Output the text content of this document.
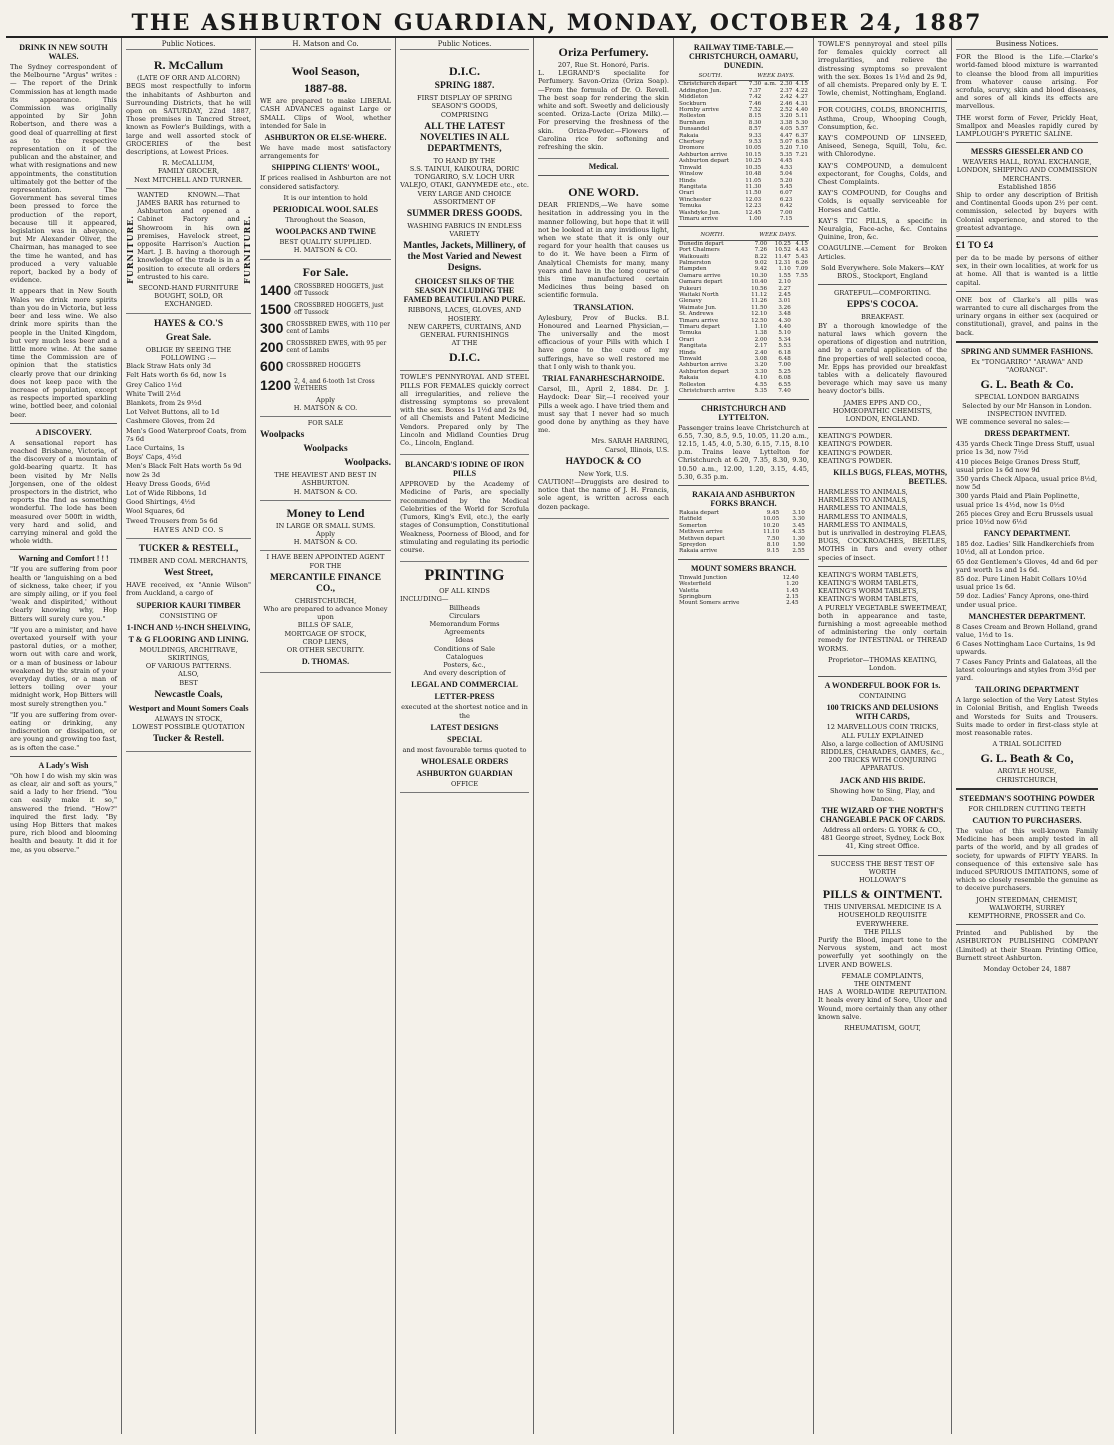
THE ASHBURTON GUARDIAN, MONDAY, OCTOBER 24, 1887
DRINK IN NEW SOUTH WALES.

The Sydney correspondent of the Melbourne "Argus" writes :— The report of the Drink Commission has at length made its appearance. This Commission was originally appointed by Sir John Robertson, and there was a good deal of quarrelling at first as to the respective representation on it of the publican and the abstainer, and what with resignations and new appointments, the constitution ultimately got the better of the representation. The Government has several times been pressed to force the production of the report, because till it appeared, legislation was in abeyance, but Mr Alexander Oliver, the Chairman, has managed to see the time he wanted, and has produced a very valuable report, backed by a body of evidence.

It appears that in New South Wales we drink more spirits than you do in Victoria, but less beer and less wine. We also drink more spirits than the people in the United Kingdom, but very much less beer and a little more wine. At the same time the Commission are of opinion that the statistics clearly prove that our drinking does not keep pace with the increase of population, except as respects imported sparkling wine, bottled beer, and colonial beer.

A DISCOVERY.

A sensational report has reached Brisbane, Victoria, of the discovery of a mountain of gold-bearing quartz. It has been visited by Mr Nells Jorgensen, one of the oldest prospectors in the district, who reports the find as something wonderful. The lode has been measured over 500ft in width, very hard and solid, and carrying mineral and gold the whole width.

Warning and Comfort ! ! !

"If you are suffering from poor health or 'languishing on a bed of sickness, take cheer, if you are simply ailing, or if you feel 'weak and dispirited,' without clearly knowing why, Hop Bitters will surely cure you."

"If you are a minister, and have overtaxed yourself with your pastoral duties, or a mother, worn out with care and work, or a man of business or labour weakened by the strain of your everyday duties, or a man of letters toiling over your midnight work, Hop Bitters will most surely strengthen you."

"If you are suffering from over-eating or drinking, any indiscretion or dissipation, or are young and growing too fast, as is often the case."

A Lady's Wish

"Oh how I do wish my skin was as clear, air and soft as yours," said a lady to her friend. "You can easily make it so," answered the friend. "How?" inquired the first lady. "By using Hop Bitters that makes pure, rich blood and blooming health and beauty. It did it for me, as you observe."

Public Notices.
R. McCallum
(LATE OF ORR AND ALCORN)

BEGS most respectfully to inform the inhabitants of Ashburton and Surrounding Districts, that he will open on SATURDAY, 22nd 1887, Those premises in Tancred Street, known as Fowler's Buildings, with a large and well assorted stock of GROCERIES of the best descriptions, at Lowest Prices.

R. McCALLUM,
FAMILY GROCER,
Next MITCHELL AND TURNER.
FURNITURE.

WANTED KNOWN.—That JAMES BARR has returned to Ashburton and opened a Cabinet Factory and Showroom in his own premises, Havelock street, opposite Harrison's Auction Mart. J. B. having a thorough knowledge of the trade is in a position to execute all orders entrusted to his care.

SECOND-HAND FURNITURE BOUGHT, SOLD, OR EXCHANGED.
FURNITURE.
HAYES & CO.'S
Great Sale.
OBLIGE BY SEEING THE FOLLOWING :—
Black Straw Hats only 3d
Felt Hats worth 6s 6d, now 1s
Grey Calico 1½d
White Twill 2½d
Blankets, from 2s 9½d
Lot Velvet Buttons, all to 1d
Cashmere Gloves, from 2d
Men's Good Waterproof Coats, from 7s 6d
Lace Curtains, 1s
Boys' Caps, 4½d
Men's Black Felt Hats worth 5s 9d now 2s 3d
Heavy Dress Goods, 6½d
Lot of Wide Ribbons, 1d
Good Shirtings, 4½d
Wool Squares, 6d
Tweed Trousers from 5s 6d
HAYES AND CO. S
TUCKER & RESTELL,
TIMBER AND COAL MERCHANTS,
West Street,

HAVE received, ex "Annie Wilson" from Auckland, a cargo of

SUPERIOR KAURI TIMBER
CONSISTING OF
1-INCH AND ½-INCH SHELVING,
T & G FLOORING AND LINING.
MOULDINGS, ARCHITRAVE, SKIRTINGS,
OF VARIOUS PATTERNS.
ALSO,
BEST
Newcastle Coals,
Westport and Mount Somers Coals
ALWAYS IN STOCK,
LOWEST POSSIBLE QUOTATION
Tucker & Restell.
H. Matson and Co.
Wool Season,
1887-88.

WE are prepared to make LIBERAL CASH ADVANCES against Large or SMALL Clips of Wool, whether intended for Sale in

ASHBURTON OR ELSE-WHERE.

We have made most satisfactory arrangements for

SHIPPING CLIENTS' WOOL,

If prices realised in Ashburton are not considered satisfactory.

It is our intention to hold
PERIODICAL WOOL SALES
Throughout the Season,
WOOLPACKS AND TWINE
BEST QUALITY SUPPLIED.
H. MATSON & CO.
For Sale.
1400 CROSSBRED HOGGETS, just off Tussock
1500 CROSSBRED HOGGETS, just off Tussock
300 CROSSBRED EWES, with 110 per cent of Lambs
200 CROSSBRED EWES, with 95 per cent of Lambs
600 CROSSBRED HOGGETS
1200 2, 4, and 6-tooth 1st Cross WETHERS
Apply
H. MATSON & CO.
FOR SALE
Woolpacks
Woolpacks
Woolpacks.
THE HEAVIEST AND BEST IN ASHBURTON.
H. MATSON & CO.
Money to Lend
IN LARGE OR SMALL SUMS.
Apply
H. MATSON & CO.
I HAVE BEEN APPOINTED AGENT FOR THE
MERCANTILE FINANCE CO.,
CHRISTCHURCH,
Who are prepared to advance Money upon
BILLS OF SALE,
MORTGAGE OF STOCK,
CROP LIENS,
OR OTHER SECURITY.
D. THOMAS.
Public Notices.
D.I.C.
SPRING 1887.
FIRST DISPLAY OF SPRING SEASON'S GOODS,
COMPRISING
ALL THE LATEST NOVELTIES IN ALL DEPARTMENTS,
TO HAND BY THE
S.S. TAINUI, KAIKOURA, DORIC TONGARIRO, S.V. LOCH URR VALEJO, OTAKI, GANYMEDE etc., etc.
VERY LARGE AND CHOICE ASSORTMENT OF
SUMMER DRESS GOODS.
WASHING FABRICS IN ENDLESS VARIETY
Mantles, Jackets, Millinery, of the Most Varied and Newest Designs.
CHOICEST SILKS OF THE SEASON INCLUDING THE FAMED BEAUTIFUL AND PURE.
RIBBONS, LACES, GLOVES, AND HOSIERY.
NEW CARPETS, CURTAINS, AND GENERAL FURNISHINGS
AT THE
D.I.C.

TOWLE'S PENNYROYAL AND STEEL PILLS FOR FEMALES quickly correct all irregularities, and relieve the distressing symptoms so prevalent with the sex. Boxes 1s 1½d and 2s 9d, of all Chemists and Patent Medicine Vendors. Prepared only by The Lincoln and Midland Counties Drug Co., Lincoln, England.

BLANCARD'S IODINE OF IRON PILLS

APPROVED by the Academy of Medicine of Paris, are specially recommended by the Medical Celebrities of the World for Scrofula (Tumors, King's Evil, etc.), the early stages of Consumption, Constitutional Weakness, Poorness of Blood, and for stimulating and regulating its periodic course.

PRINTING
OF ALL KINDS
INCLUDING—
Billheads
Circulars
Memorandum Forms
Agreements
Ideas
Conditions of Sale
Catalogues
Posters, &c.,
And every description of
LEGAL AND COMMERCIAL
LETTER-PRESS
executed at the shortest notice and in the
LATEST DESIGNS
SPECIAL
and most favourable terms quoted to
WHOLESALE ORDERS
ASHBURTON GUARDIAN
OFFICE
Oriza Perfumery.
207, Rue St. Honoré, Paris.

L. LEGRAND'S specialite for Perfumery. Savon-Oriza (Oriza Soap).—From the formula of Dr. O. Revell. The best soap for rendering the skin white and soft. Sweetly and deliciously scented. Oriza-Lacte (Oriza Milk).—For preserving the freshness of the skin. Oriza-Powder.—Flowers of Carolina rice for softening and refreshing the skin.

Medical.
ONE WORD.

DEAR FRIENDS,—We have some hesitation in addressing you in the manner following, but hope that it will not be looked at in any invidious light, when we state that it is only our regard for your health that causes us to do it. We have been a Firm of Analytical Chemists for many, many years and have in the long course of this time manufactured certain Medicines thus being based on scientific formula.

TRANSLATION.

Aylesbury, Prov of Bucks. B.I. Honoured and Learned Physician,—The universally and the most efficacious of your Pills with which I have gone to the cure of my sufferings, have so well restored me that I only wish to thank you.

TRIAL FANARHESCHARNOIDE.

Carsol, Ill., April 2, 1884. Dr. J. Haydock: Dear Sir,—I received your Pills a week ago. I have tried them and must say that I never had so much good done by anything as they have me.

Mrs. SARAH HARRING,
Carsol, Illinois, U.S.
HAYDOCK & CO
New York, U.S.

CAUTION!—Druggists are desired to notice that the name of J. H. Francis, sole agent, is written across each dozen package.

RAILWAY TIME-TABLE.—CHRISTCHURCH, OAMARU, DUNEDIN.
SOUTH.	WEEK DAYS.			
Christchurch depart	7.30	a.m.	2.30	4.15
Addington Jun.	7.37		2.37	4.22
Middleton	7.42		2.42	4.27
Sockburn	7.46		2.46	4.31
Hornby arrive	7.52		2.52	4.40
Rolleston	8.15		3.20	5.11
Burnham	8.30		3.38	5.30
Dunsandel	8.57		4.05	5.57
Rakaia	9.33		4.47	6.37
Chertsey	9.53		5.07	6.58
Dromore	10.05		5.20	7.10
Ashburton arrive	10.15		5.35	7.21
Ashburton depart	10.25		4.45	
Tinwald	10.35		4.53	
Winslow	10.48		5.04	
Hinds	11.05		5.20	
Rangitata	11.30		5.45	
Orari	11.50		6.07	
Winchester	12.03		6.23	
Temuka	12.23		6.42	
Washdyke Jun.	12.45		7.00	
Timaru arrive	1.00		7.15	
NORTH.	WEEK DAYS.			
Dunedin depart	7.00		10.25	4.15
Port Chalmers	7.26		10.52	4.43
Waikouaiti	8.22		11.47	5.43
Palmerston	9.02		12.31	6.26
Hampden	9.42		1.10	7.09
Oamaru arrive	10.30		1.55	7.55
Oamaru depart	10.40		2.10	
Pukeuri	10.56		2.27	
Waitaki North	11.12		2.45	
Glenavy	11.26		3.01	
Waimate Jun.	11.50		3.26	
St. Andrews	12.10		3.48	
Timaru arrive	12.50		4.30	
Timaru depart	1.10		4.40	
Temuka	1.38		5.10	
Orari	2.00		5.34	
Rangitata	2.17		5.53	
Hinds	2.40		6.18	
Tinwald	3.08		6.48	
Ashburton arrive	3.20		7.00	
Ashburton depart	3.30		5.25	
Rakaia	4.10		6.08	
Rolleston	4.55		6.55	
Christchurch arrive	5.35		7.40	
CHRISTCHURCH AND LYTTELTON.

Passenger trains leave Christchurch at 6.55, 7.30, 8.5, 9.5, 10.05, 11.20 a.m., 12.15, 1.45, 4.0, 5.30, 6.15, 7.15, 8.10 p.m. Trains leave Lyttelton for Christchurch at 6.20, 7.35, 8.30, 9.30, 10.50 a.m., 12.00, 1.20, 3.15, 4.45, 5.30, 6.35 p.m.

RAKAIA AND ASHBURTON FORKS BRANCH.
Rakaia depart	9.45		3.10	
Hatfield	10.05		3.30	
Somerton	10.20		3.45	
Methven arrive	11.10		4.35	
Methven depart	7.50		1.30	
Spreydon	8.10		1.50	
Rakaia arrive	9.15		2.55	
MOUNT SOMERS BRANCH.
Tinwald Junction	12.40			
Westerfield	1.20			
Valetta	1.45			
Springburn	2.15			
Mount Somers arrive	2.45			

TOWLE'S pennyroyal and steel pills for females quickly correct all irregularities, and relieve the distressing symptoms so prevalent with the sex. Boxes 1s 1½d and 2s 9d, of all chemists. Prepared only by E. T. Towle, chemist, Nottingham, England.

FOR COUGHS, COLDS, BRONCHITIS, Asthma, Croup, Whooping Cough, Consumption, &c.

KAY'S COMPOUND OF LINSEED, Aniseed, Senega, Squill, Tolu, &c. with Chlorodyne.

KAY'S COMPOUND, a demulcent expectorant, for Coughs, Colds, and Chest Complaints.

KAY'S COMPOUND, for Coughs and Colds, is equally serviceable for Horses and Cattle.

KAY'S TIC PILLS, a specific in Neuralgia, Face-ache, &c. Contains Quinine, Iron, &c.

COAGULINE.—Cement for Broken Articles.

Sold Everywhere. Sole Makers—KAY BROS., Stockport, England
GRATEFUL—COMFORTING.
EPPS'S COCOA.
BREAKFAST.

BY a thorough knowledge of the natural laws which govern the operations of digestion and nutrition, and by a careful application of the fine properties of well selected cocoa, Mr. Epps has provided our breakfast tables with a delicately flavoured beverage which may save us many heavy doctor's bills.

JAMES EPPS AND CO., HOMŒOPATHIC CHEMISTS, LONDON, ENGLAND.
KEATING'S POWDER.
KEATING'S POWDER.
KEATING'S POWDER.
KEATING'S POWDER.
KILLS BUGS, FLEAS, MOTHS, BEETLES.
HARMLESS TO ANIMALS,
HARMLESS TO ANIMALS,
HARMLESS TO ANIMALS,
HARMLESS TO ANIMALS,
HARMLESS TO ANIMALS,

but is unrivalled in destroying FLEAS, BUGS, COCKROACHES, BEETLES, MOTHS in furs and every other species of insect.

KEATING'S WORM TABLETS,
KEATING'S WORM TABLETS,
KEATING'S WORM TABLETS,
KEATING'S WORM TABLETS,

A PURELY VEGETABLE SWEETMEAT, both in appearance and taste, furnishing a most agreeable method of administering the only certain remedy for INTESTINAL or THREAD WORMS.

Proprietor—THOMAS KEATING, London.
A WONDERFUL BOOK FOR 1s.
CONTAINING
100 TRICKS AND DELUSIONS WITH CARDS,
12 MARVELLOUS COIN TRICKS,
ALL FULLY EXPLAINED
Also, a large collection of AMUSING RIDDLES, CHARADES, GAMES, &c.,
200 TRICKS WITH CONJURING APPARATUS.
JACK AND HIS BRIDE.
Showing how to Sing, Play, and Dance.
THE WIZARD OF THE NORTH'S CHANGEABLE PACK OF CARDS.
Address all orders: G. YORK & CO., 481 George street, Sydney, Lock Box 41, King street Office.
SUCCESS THE BEST TEST OF WORTH
HOLLOWAY'S
PILLS & OINTMENT.
THIS UNIVERSAL MEDICINE IS A HOUSEHOLD REQUISITE EVERYWHERE.
THE PILLS

Purify the Blood, impart tone to the Nervous system, and act most powerfully yet soothingly on the LIVER AND BOWELS.

FEMALE COMPLAINTS,
THE OINTMENT

HAS A WORLD-WIDE REPUTATION. It heals every kind of Sore, Ulcer and Wound, more certainly than any other known salve.

RHEUMATISM, GOUT,
Business Notices.

FOR the Blood is the Life.—Clarke's world-famed blood mixture is warranted to cleanse the blood from all impurities from whatever cause arising. For scrofula, scurvy, skin and blood diseases, and sores of all kinds its effects are marvellous.

THE worst form of Fever, Prickly Heat, Smallpox and Measles rapidly cured by LAMPLOUGH'S PYRETIC SALINE.

MESSRS GIESSELER AND CO
WEAVERS HALL, ROYAL EXCHANGE, LONDON, SHIPPING AND COMMISSION MERCHANTS.
Established 1856

Ship to order any description of British and Continental Goods upon 2½ per cent. commission, selected by buyers with Colonial experience, and stored to the greatest advantage.

£1 TO £4

per da to be made by persons of either sex, in their own localities, at work for us at home. All that is wanted is a little capital.

ONE box of Clarke's all pills was warranted to cure all discharges from the urinary organs in either sex (acquired or constitutional), gravel, and pains in the back.

SPRING AND SUMMER FASHIONS.
Ex "TONGARIRO" "ARAWA" AND "AORANGI".
G. L. Beath & Co.
SPECIAL LONDON BARGAINS
Selected by our Mr Hanson in London.
INSPECTION INVITED.

WE commence several no sales:—

DRESS DEPARTMENT.
435 yards Check Tinge Dress Stuff, usual price 1s 3d, now 7½d
410 pieces Beige Granes Dress Stuff, usual price 1s 6d now 9d
350 yards Check Alpaca, usual price 8½d, now 5d
300 yards Plaid and Plain Poplinette, usual price 1s 4½d, now 1s 0½d
265 pieces Grey and Ecru Brussels usual price 10½d now 6½d
FANCY DEPARTMENT.
185 doz. Ladies' Silk Handkerchiefs from 10½d, all at London price.
65 doz Gentlemen's Gloves, 4d and 6d per yard worth 1s and 1s 6d.
85 doz. Pure Linen Habit Collars 10½d usual price 1s 6d.
59 doz. Ladies' Fancy Aprons, one-third under usual price.
MANCHESTER DEPARTMENT.
8 Cases Cream and Brown Holland, grand value, 1½d to 1s.
6 Cases Nottingham Lace Curtains, 1s 9d upwards.
7 Cases Fancy Prints and Galateas, all the latest colourings and styles from 3½d per yard.
TAILORING DEPARTMENT

A large selection of the Very Latest Styles in Colonial British, and English Tweeds and Worsteds for Suits and Trousers. Suits made to order in first-class style at most reasonable rates.

A TRIAL SOLICITED
G. L. Beath & Co,
ARGYLE HOUSE,
CHRISTCHURCH,
STEEDMAN'S SOOTHING POWDER
FOR CHILDREN CUTTING TEETH
CAUTION TO PURCHASERS.

The value of this well-known Family Medicine has been amply tested in all parts of the world, and by all grades of society, for upwards of FIFTY YEARS. In consequence of this extensive sale has induced SPURIOUS IMITATIONS, some of which so closely resemble the genuine as to deceive purchasers.

JOHN STEEDMAN, CHEMIST, WALWORTH, SURREY
KEMPTHORNE, PROSSER and Co.

Printed and Published by the ASHBURTON PUBLISHING COMPANY (Limited) at their Steam Printing Office, Burnett street Ashburton.

Monday October 24, 1887
